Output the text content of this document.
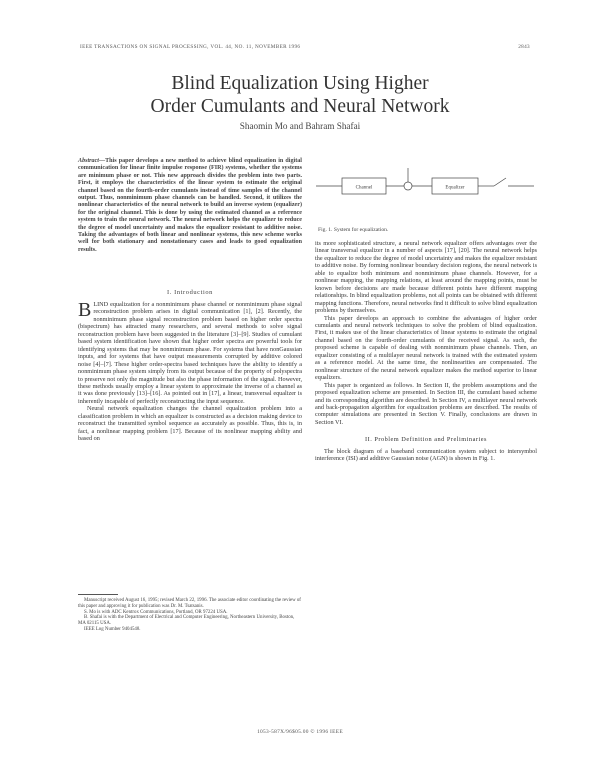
IEEE TRANSACTIONS ON SIGNAL PROCESSING, VOL. 44, NO. 11, NOVEMBER 1996	2843
Blind Equalization Using Higher
Order Cumulants and Neural Network
Shaomin Mo and Bahram Shafai

Abstract—This paper develops a new method to achieve blind equalization in digital communication for linear finite impulse response (FIR) systems, whether the systems are minimum phase or not. This new approach divides the problem into two parts. First, it employs the characteristics of the linear system to estimate the original channel based on the fourth-order cumulants instead of time samples of the channel output. Thus, nonminimum phase channels can be handled. Second, it utilizes the nonlinear characteristics of the neural network to build an inverse system (equalizer) for the original channel. This is done by using the estimated channel as a reference system to train the neural network. The neural network helps the equalizer to reduce the degree of model uncertainty and makes the equalizer resistant to additive noise. Taking the advantages of both linear and nonlinear systems, this new scheme works well for both stationary and nonstationary cases and leads to good equalization results.

I. Introduction

BLIND equalization for a nonminimum phase channel or nonminimum phase signal reconstruction problem arises in digital communication [1], [2]. Recently, the nonminimum phase signal reconstruction problem based on higher order spectra (bispectrum) has attracted many researchers, and several methods to solve signal reconstruction problem have been suggested in the literature [3]–[9]. Studies of cumulant based system identification have shown that higher order spectra are powerful tools for identifying systems that may be nonminimum phase. For systems that have nonGaussian inputs, and for systems that have output measurements corrupted by additive colored noise [4]–[7]. These higher order-spectra based techniques have the ability to identify a nonminimum phase system simply from its output because of the property of polyspectra to preserve not only the magnitude but also the phase information of the signal. However, these methods usually employ a linear system to approximate the inverse of a channel as it was done previously [13]–[16]. As pointed out in [17], a linear, transversal equalizer is inherently incapable of perfectly reconstructing the input sequence.

Neural network equalization changes the channel equalization problem into a classification problem in which an equalizer is constructed as a decision making device to reconstruct the transmitted symbol sequence as accurately as possible. Thus, this is, in fact, a nonlinear mapping problem [17]. Because of its nonlinear mapping ability and based on

Manuscript received August 16, 1995; revised March 22, 1996. The associate editor coordinating the review of this paper and approving it for publication was Dr. M. Tsatsanis.

S. Mo is with ADC Kentrox Communications, Portland, OR 97224 USA.

B. Shafai is with the Department of Electrical and Computer Engineering, Northeastern University, Boston, MA 02115 USA.

IEEE Log Number 9404548.

Channel	Equalizer
Fig. 1. System for equalization.

its more sophisticated structure, a neural network equalizer offers advantages over the linear transversal equalizer in a number of aspects [17], [20]. The neural network helps the equalizer to reduce the degree of model uncertainty and makes the equalizer resistant to additive noise. By forming nonlinear boundary decision regions, the neural network is able to equalize both minimum and nonminimum phase channels. However, for a nonlinear mapping, the mapping relations, at least around the mapping points, must be known before decisions are made because different points have different mapping relationships. In blind equalization problems, not all points can be obtained with different mapping functions. Therefore, neural networks find it difficult to solve blind equalization problems by themselves.

This paper develops an approach to combine the advantages of higher order cumulants and neural network techniques to solve the problem of blind equalization. First, it makes use of the linear characteristics of linear systems to estimate the original channel based on the fourth-order cumulants of the received signal. As such, the proposed scheme is capable of dealing with nonminimum phase channels. Then, an equalizer consisting of a multilayer neural network is trained with the estimated system as a reference model. At the same time, the nonlinearities are compensated. The nonlinear structure of the neural network equalizer makes the method superior to linear equalizers.

This paper is organized as follows. In Section II, the problem assumptions and the proposed equalization scheme are presented. In Section III, the cumulant based scheme and its corresponding algorithm are described. In Section IV, a multilayer neural network and back-propagation algorithm for equalization problems are described. The results of computer simulations are presented in Section V. Finally, conclusions are drawn in Section VI.

II. Problem Definition and Preliminaries

The block diagram of a baseband communication system subject to intersymbol interference (ISI) and additive Gaussian noise (AGN) is shown in Fig. 1.

1053-587X/96$05.00 © 1996 IEEE
